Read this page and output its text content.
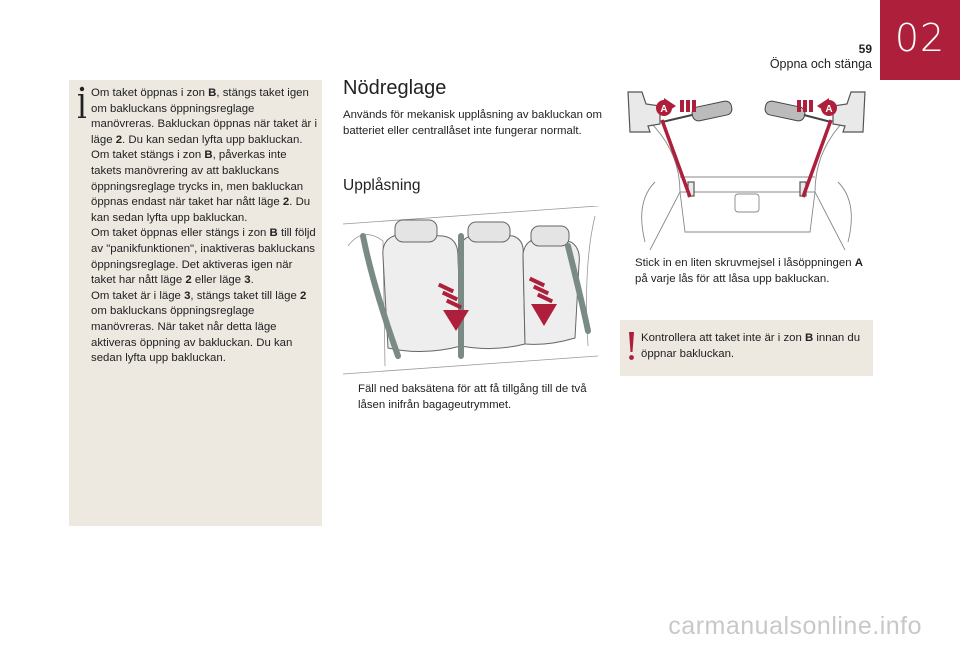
02
59
Öppna och stänga

Om taket öppnas i zon B, stängs taket igen om bakluckans öppningsreglage manövreras. Bakluckan öppnas när taket är i läge 2. Du kan sedan lyfta upp bakluckan.

Om taket stängs i zon B, påverkas inte takets manövrering av att bakluckans öppningsreglage trycks in, men bakluckan öppnas endast när taket har nått läge 2. Du kan sedan lyfta upp bakluckan.

Om taket öppnas eller stängs i zon B till följd av "panikfunktionen", inaktiveras bakluckans öppningsreglage. Det aktiveras igen när taket har nått läge 2 eller läge 3.

Om taket är i läge 3, stängs taket till läge 2 om bakluckans öppningsreglage manövreras. När taket når detta läge aktiveras öppning av bakluckan. Du kan sedan lyfta upp bakluckan.

Nödreglage

Används för mekanisk upplåsning av bakluckan om batteriet eller centrallåset inte fungerar normalt.

Upplåsning
Fäll ned baksätena för att få tillgång till de två låsen inifrån bagageutrymmet.
A	A
Stick in en liten skruvmejsel i låsöppningen A på varje lås för att låsa upp bakluckan.
Kontrollera att taket inte är i zon B innan du öppnar bakluckan.
carmanualsonline.info
